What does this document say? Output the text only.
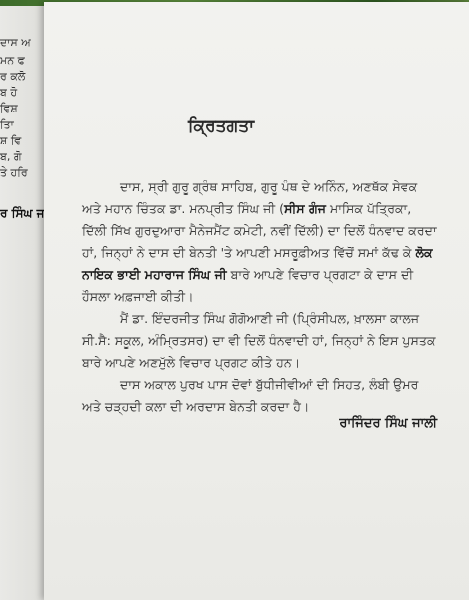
ਦਾਸ ਅ
ਮਨ ਫ
ਰ ਕਲੋ
ਬ ਹੋ
ਵਿਸ਼
ਤਿਾ
ਸ਼ ਵਿ
ਬ, ਗੋ
ਤੇ ਹਰਿ
ਰ ਸਿੰਘ ਜ
ਕ੍ਰਿਤਗਤਾ

ਦਾਸ, ਸ੍ਰੀ ਗੁਰੂ ਗ੍ਰੰਥ ਸਾਹਿਬ, ਗੁਰੂ ਪੰਥ ਦੇ ਅਨਿੰਨ, ਅਣਥੱਕ ਸੇਵਕ ਅਤੇ ਮਹਾਨ ਚਿੰਤਕ ਡਾ. ਮਨਪ੍ਰੀਤ ਸਿੰਘ ਜੀ (ਸੀਸ ਗੰਜ ਮਾਸਿਕ ਪੱਤ੍ਰਿਕਾ, ਦਿੱਲੀ ਸਿੱਖ ਗੁਰਦੁਆਰਾ ਮੈਨੇਜਮੈਂਟ ਕਮੇਟੀ, ਨਵੀਂ ਦਿੱਲੀ) ਦਾ ਦਿਲੋਂ ਧੰਨਵਾਦ ਕਰਦਾ ਹਾਂ, ਜਿਨ੍ਹਾਂ ਨੇ ਦਾਸ ਦੀ ਬੇਨਤੀ 'ਤੇ ਆਪਣੀ ਮਸਰੂਫ਼ੀਅਤ ਵਿੱਚੋਂ ਸਮਾਂ ਕੱਢ ਕੇ ਲੋਕ ਨਾਇਕ ਭਾਈ ਮਹਾਰਾਜ ਸਿੰਘ ਜੀ ਬਾਰੇ ਆਪਣੇ ਵਿਚਾਰ ਪ੍ਰਗਟਾ ਕੇ ਦਾਸ ਦੀ ਹੌਸਲਾ ਅਫ਼ਜਾਈ ਕੀਤੀ।

ਮੈਂ ਡਾ. ਇੰਦਰਜੀਤ ਸਿੰਘ ਗੋਗੋਆਣੀ ਜੀ (ਪ੍ਰਿੰਸੀਪਲ, ਖ਼ਾਲਸਾ ਕਾਲਜ ਸੀ.ਸੈ: ਸਕੂਲ, ਅੰਮ੍ਰਿਤਸਰ) ਦਾ ਵੀ ਦਿਲੋਂ ਧੰਨਵਾਦੀ ਹਾਂ, ਜਿਨ੍ਹਾਂ ਨੇ ਇਸ ਪੁਸਤਕ ਬਾਰੇ ਆਪਣੇ ਅਣਮੁੱਲੇ ਵਿਚਾਰ ਪ੍ਰਗਟ ਕੀਤੇ ਹਨ।

ਦਾਸ ਅਕਾਲ ਪੁਰਖ ਪਾਸ ਦੋਵਾਂ ਬੁੱਧੀਜੀਵੀਆਂ ਦੀ ਸਿਹਤ, ਲੰਬੀ ਉਮਰ ਅਤੇ ਚੜ੍ਹਦੀ ਕਲਾ ਦੀ ਅਰਦਾਸ ਬੇਨਤੀ ਕਰਦਾ ਹੈ।

ਰਾਜਿੰਦਰ ਸਿੰਘ ਜਾਲੀ
